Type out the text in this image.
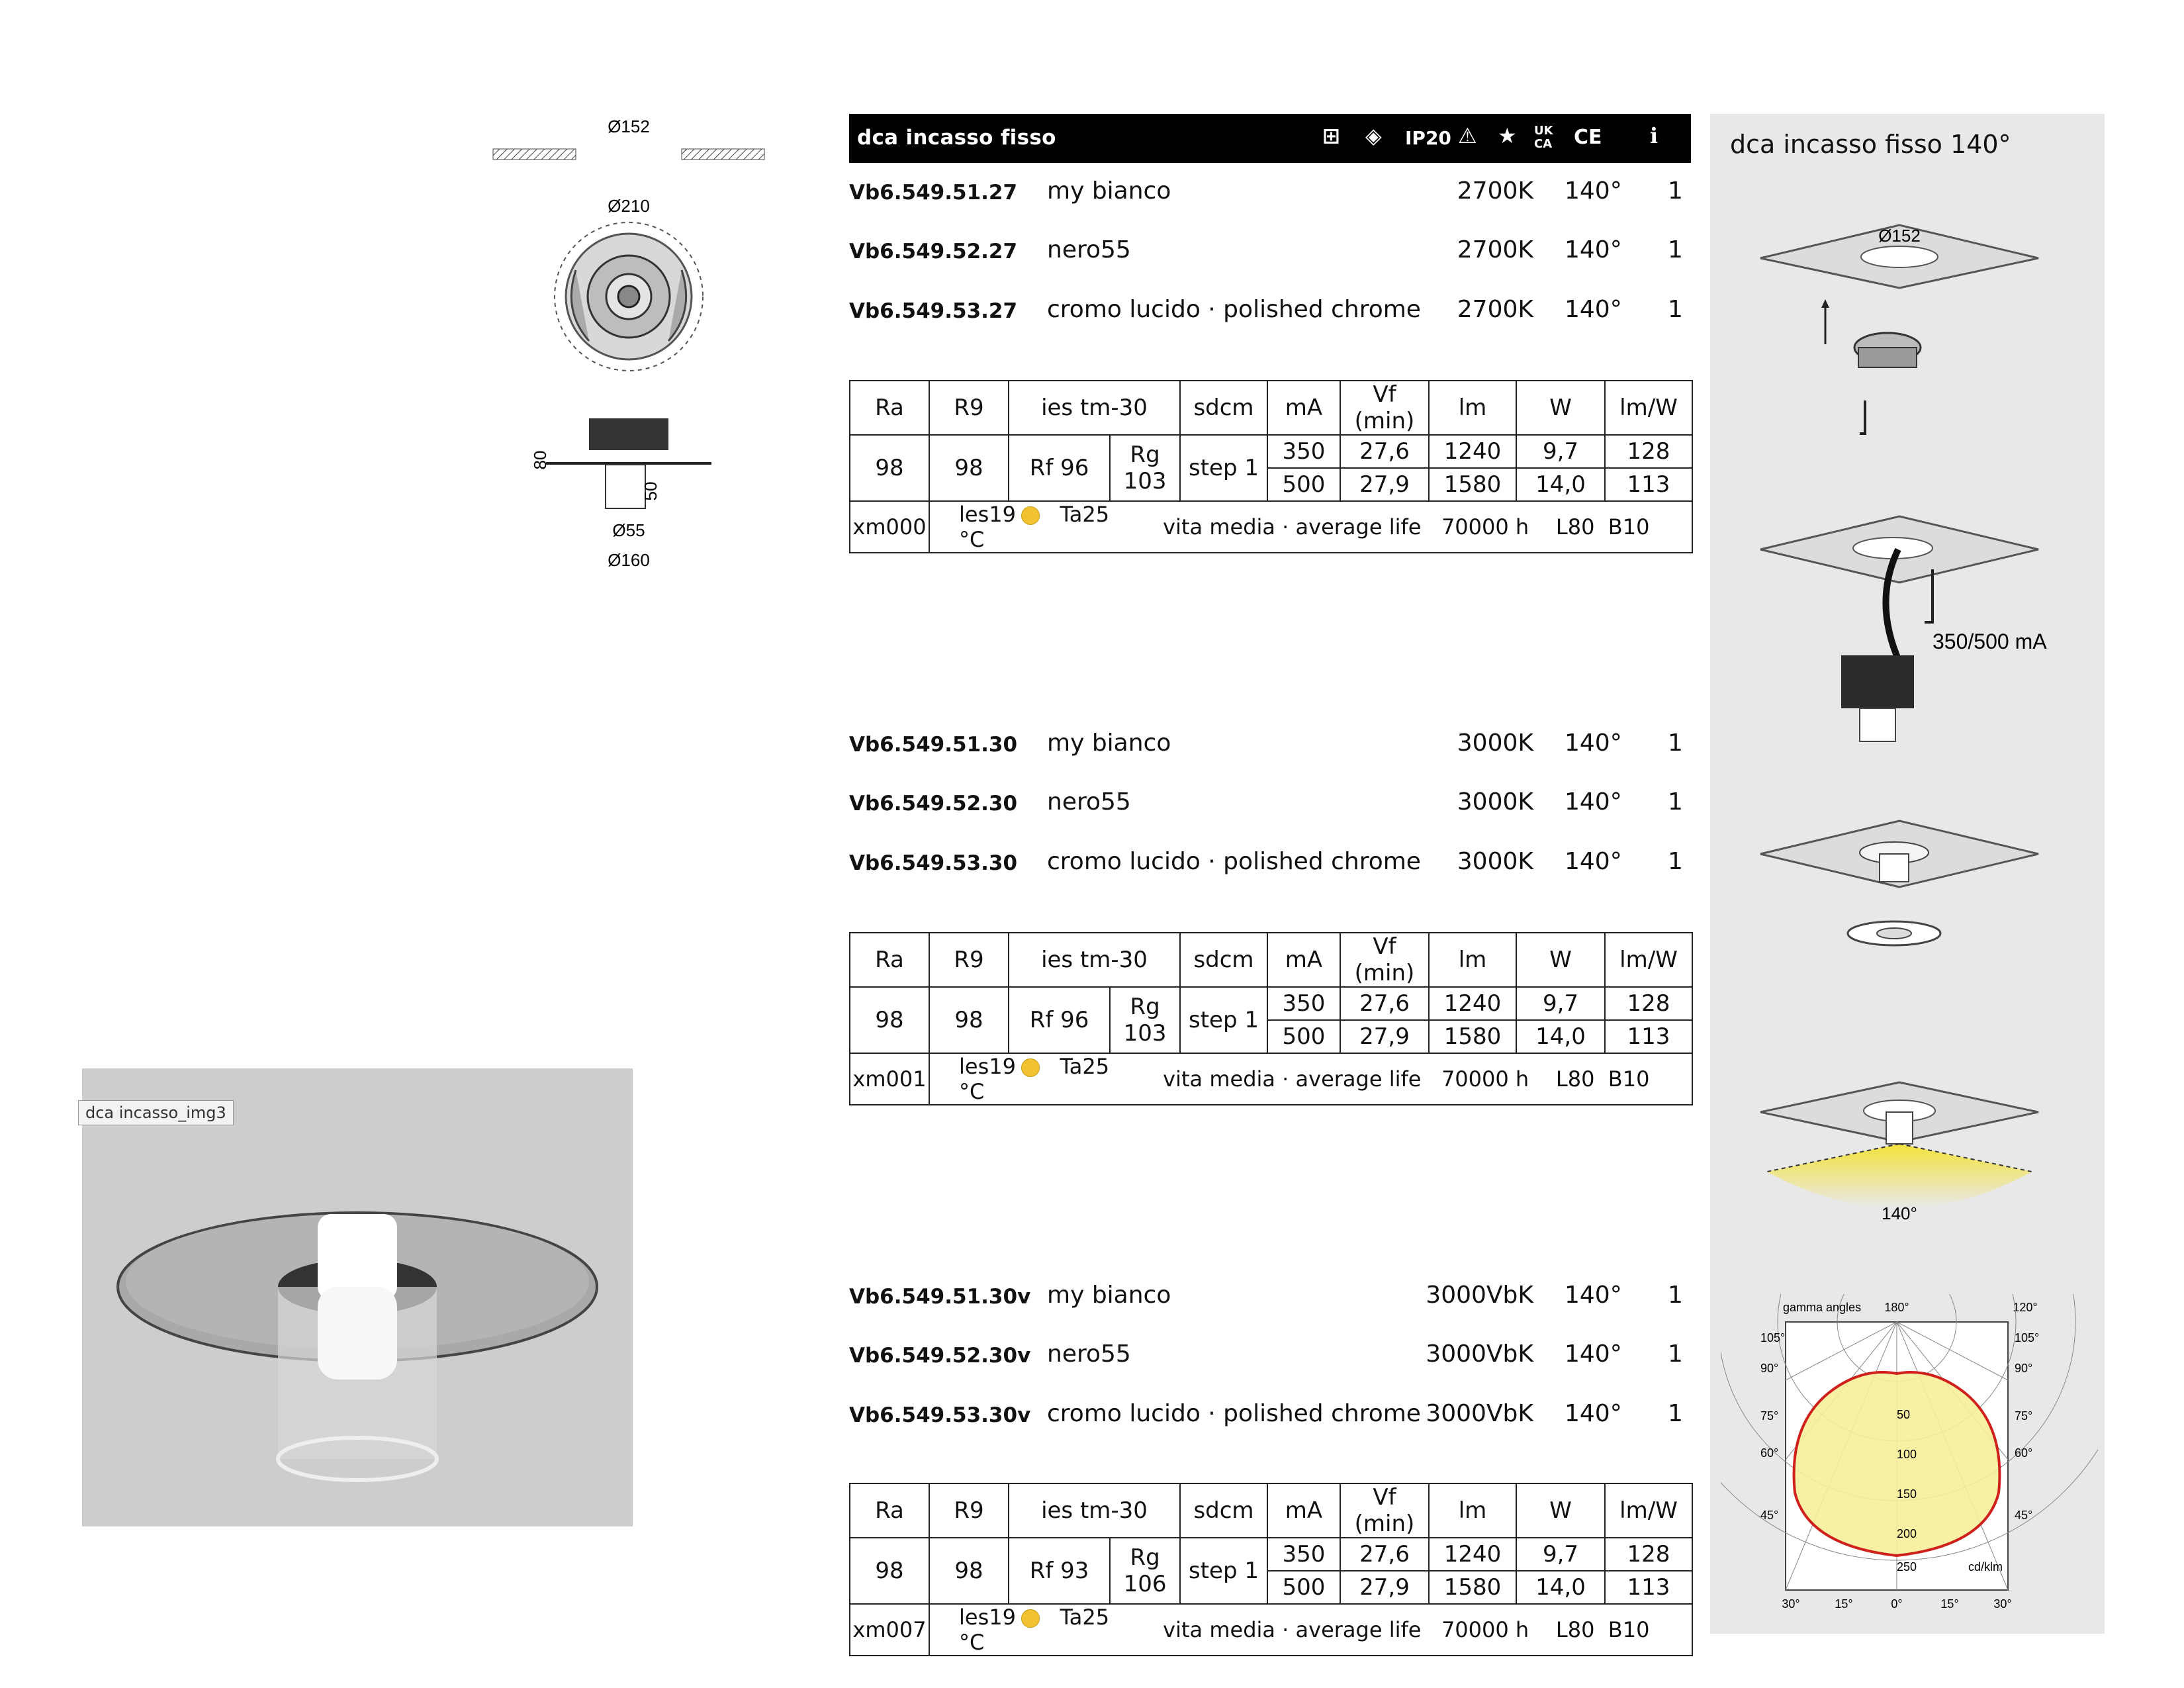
Ø152
Ø210
80
50
Ø55
Ø160
dca incasso_img3
dca incasso fisso	⊞ ◈ IP20 ⚠ ★ UK CA	CE ℹ
Vb6.549.51.27 my bianco	2700K 140° 1
Vb6.549.52.27 nero55	2700K 140° 1
Vb6.549.53.27 cromo lucido · polished chrome 2700K 140° 1
Ra	R9	ies tm-30		sdcm	mA	Vf (min)	lm	W	lm/W
98	98	Rf 96	Rg 103	step 1	350	27,6	1240	9,7	128
					500	27,9	1580	14,0	113
xm000	les19 Ta25 °C		vita media · average life 70000 h L80 B10						
Vb6.549.51.30 my bianco	3000K 140° 1
Vb6.549.52.30 nero55	3000K 140° 1
Vb6.549.53.30 cromo lucido · polished chrome 3000K 140° 1
Ra	R9	ies tm-30		sdcm	mA	Vf (min)	lm	W	lm/W
98	98	Rf 96	Rg 103	step 1	350	27,6	1240	9,7	128
					500	27,9	1580	14,0	113
xm001	les19 Ta25 °C		vita media · average life 70000 h L80 B10						
Vb6.549.51.30v my bianco	3000VbK 140° 1
Vb6.549.52.30v nero55	3000VbK 140° 1
Vb6.549.53.30v cromo lucido · polished chrome 3000VbK 140° 1
Ra	R9	ies tm-30		sdcm	mA	Vf (min)	lm	W	lm/W
98	98	Rf 93	Rg 106	step 1	350	27,6	1240	9,7	128
					500	27,9	1580	14,0	113
xm007	les19 Ta25 °C		vita media · average life 70000 h L80 B10						
dca incasso fisso 140°
Ø152
350/500 mA
140°
gamma angles 180°	120°
105°
90°
75°
60°
45°
105°
90°
75°
60°
45°
50
100
150
200
250	cd/klm
30°	15°	0°	15°	30°
